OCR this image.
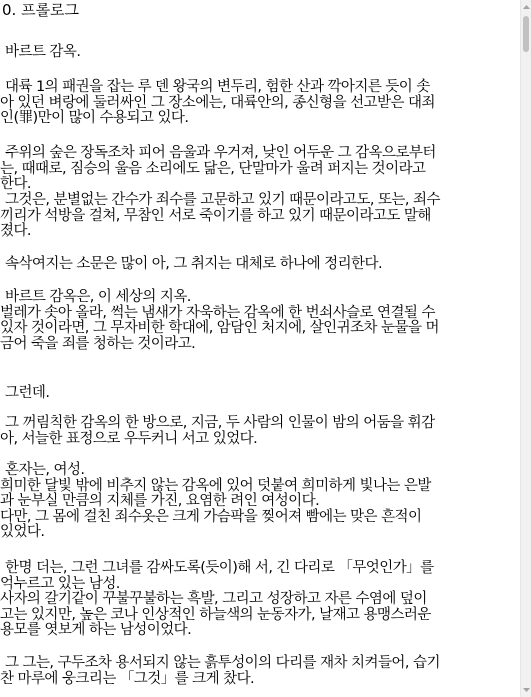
0. 프롤로그
바르트 감옥.
대륙 1의 패권을 잡는 루 덴 왕국의 변두리, 험한 산과 깍아지른 듯이 솟
아 있던 벼랑에 둘러싸인 그 장소에는, 대륙안의, 종신형을 선고받은 대죄
인(罪)만이 많이 수용되고 있다.
주위의 숲은 장독조차 피어 음울과 우거져, 낮인 어두운 그 감옥으로부터
는, 때때로, 짐승의 울음 소리에도 닮은, 단말마가 울려 퍼지는 것이라고
한다.
그것은, 분별없는 간수가 죄수를 고문하고 있기 때문이라고도, 또는, 죄수
끼리가 석방을 걸쳐, 무참인 서로 죽이기를 하고 있기 때문이라고도 말해
졌다.
속삭여지는 소문은 많이 아, 그 취지는 대체로 하나에 정리한다.
바르트 감옥은, 이 세상의 지옥.
벌레가 솟아 올라, 썩는 냄새가 자욱하는 감옥에 한 번쇠사슬로 연결될 수
있자 것이라면, 그 무자비한 학대에, 암담인 처지에, 살인귀조차 눈물을 머
금어 죽을 죄를 청하는 것이라고.
그런데.
그 꺼림칙한 감옥의 한 방으로, 지금, 두 사람의 인물이 밤의 어둠을 휘감
아, 서늘한 표정으로 우두커니 서고 있었다.
혼자는, 여성.
희미한 달빛 밖에 비추지 않는 감옥에 있어 덧붙여 희미하게 빛나는 은발
과 눈부실 만큼의 지체를 가진, 요염한 려인 여성이다.
다만, 그 몸에 걸친 죄수옷은 크게 가슴팍을 찢어져 빰에는 맞은 흔적이
있었다.
한명 더는, 그런 그녀를 감싸도록(듯이)해 서, 긴 다리로 「무엇인가」를
억누르고 있는 남성.
사자의 갈기같이 꾸불꾸불하는 흑발, 그리고 성장하고 자른 수염에 덮이
고는 있지만, 높은 코나 인상적인 하늘색의 눈동자가, 날재고 용맹스러운
용모를 엿보게 하는 남성이었다.
그 그는, 구두조차 용서되지 않는 흙투성이의 다리를 재차 치켜들어, 습기
찬 마루에 웅크리는 「그것」를 크게 찼다.
